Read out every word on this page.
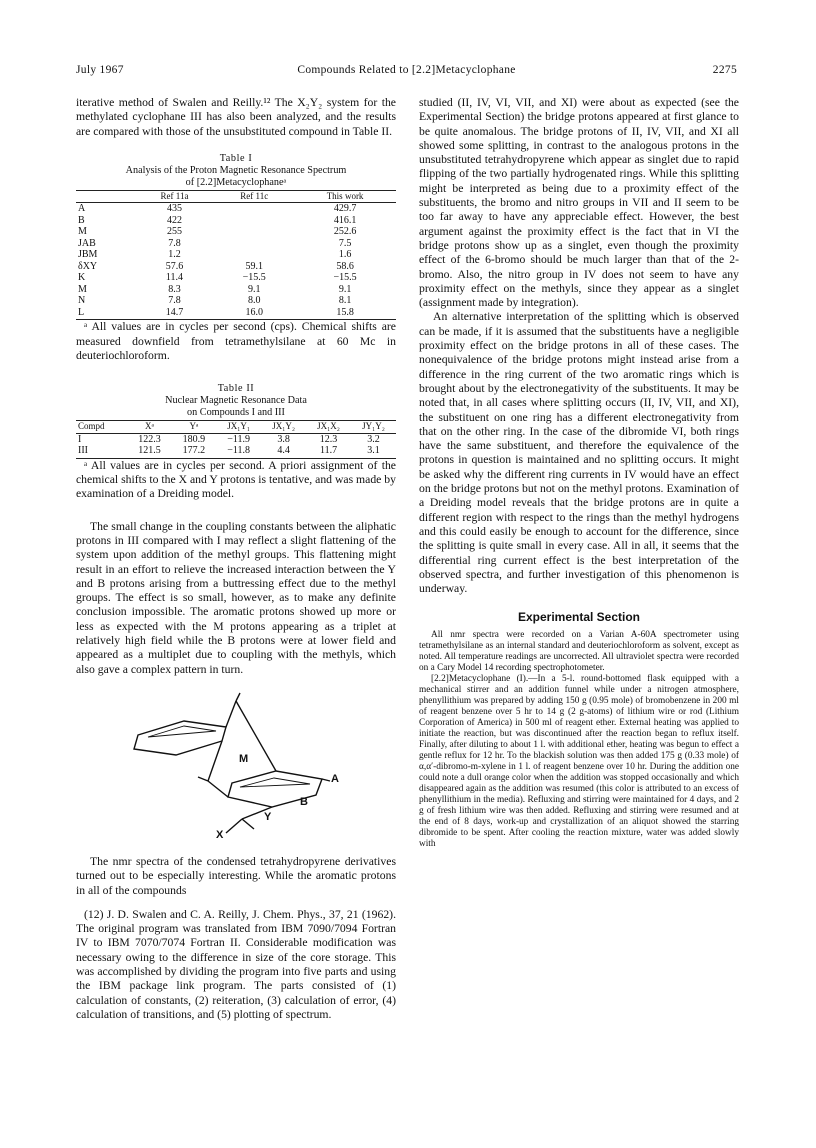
July 1967	Compounds Related to [2.2]Metacyclophane	2275

iterative method of Swalen and Reilly.¹² The X₂Y₂ system for the methylated cyclophane III has also been analyzed, and the results are compared with those of the unsubstituted compound in Table II.

Table I
Analysis of the Proton Magnetic Resonance Spectrum
of [2.2]Metacyclophaneᵃ
	Ref 11a	Ref 11c	This work
A	435		429.7
B	422		416.1
M	255		252.6
JAB	7.8		7.5
JBM	1.2		1.6
δXY	57.6	59.1	58.6
K	11.4	−15.5	−15.5
M	8.3	9.1	9.1
N	7.8	8.0	8.1
L	14.7	16.0	15.8

ᵃ All values are in cycles per second (cps). Chemical shifts are measured downfield from tetramethylsilane at 60 Mc in deuteriochloroform.

Table II
Nuclear Magnetic Resonance Data
on Compounds I and III
Compd	Xᵃ	Yᵃ	JX₁Y₁	JX₁Y₂	JX₁X₂	JY₁Y₂
I	122.3	180.9	−11.9	3.8	12.3	3.2
III	121.5	177.2	−11.8	4.4	11.7	3.1

ᵃ All values are in cycles per second. A priori assignment of the chemical shifts to the X and Y protons is tentative, and was made by examination of a Dreiding model.

The small change in the coupling constants between the aliphatic protons in III compared with I may reflect a slight flattening of the system upon addition of the methyl groups. This flattening might result in an effort to relieve the increased interaction between the Y and B protons arising from a buttressing effect due to the methyl groups. The effect is so small, however, as to make any definite conclusion impossible. The aromatic protons showed up more or less as expected with the M protons appearing as a triplet at relatively high field while the B protons were at lower field and appeared as a multiplet due to coupling with the methyls, which also gave a complex pattern in turn.

M
A
B
Y
X

The nmr spectra of the condensed tetrahydropyrene derivatives turned out to be especially interesting. While the aromatic protons in all of the compounds

(12) J. D. Swalen and C. A. Reilly, J. Chem. Phys., 37, 21 (1962). The original program was translated from IBM 7090/7094 Fortran IV to IBM 7070/7074 Fortran II. Considerable modification was necessary owing to the difference in size of the core storage. This was accomplished by dividing the program into five parts and using the IBM package link program. The parts consisted of (1) calculation of constants, (2) reiteration, (3) calculation of error, (4) calculation of transitions, and (5) plotting of spectrum.

studied (II, IV, VI, VII, and XI) were about as expected (see the Experimental Section) the bridge protons appeared at first glance to be quite anomalous. The bridge protons of II, IV, VII, and XI all showed some splitting, in contrast to the analogous protons in the unsubstituted tetrahydropyrene which appear as singlet due to rapid flipping of the two partially hydrogenated rings. While this splitting might be interpreted as being due to a proximity effect of the substituents, the bromo and nitro groups in VII and II seem to be too far away to have any appreciable effect. However, the best argument against the proximity effect is the fact that in VI the bridge protons show up as a singlet, even though the proximity effect of the 6-bromo should be much larger than that of the 2-bromo. Also, the nitro group in IV does not seem to have any proximity effect on the methyls, since they appear as a singlet (assignment made by integration).

An alternative interpretation of the splitting which is observed can be made, if it is assumed that the substituents have a negligible proximity effect on the bridge protons in all of these cases. The nonequivalence of the bridge protons might instead arise from a difference in the ring current of the two aromatic rings which is brought about by the electronegativity of the substituents. It may be noted that, in all cases where splitting occurs (II, IV, VII, and XI), the substituent on one ring has a different electronegativity from that on the other ring. In the case of the dibromide VI, both rings have the same substituent, and therefore the equivalence of the protons in question is maintained and no splitting occurs. It might be asked why the different ring currents in IV would have an effect on the bridge protons but not on the methyl protons. Examination of a Dreiding model reveals that the bridge protons are in quite a different region with respect to the rings than the methyl hydrogens and this could easily be enough to account for the difference, since the splitting is quite small in every case. All in all, it seems that the differential ring current effect is the best interpretation of the observed spectra, and further investigation of this phenomenon is underway.

Experimental Section

All nmr spectra were recorded on a Varian A-60A spectrometer using tetramethylsilane as an internal standard and deuteriochloroform as solvent, except as noted. All temperature readings are uncorrected. All ultraviolet spectra were recorded on a Cary Model 14 recording spectrophotometer.

[2.2]Metacyclophane (I).—In a 5-l. round-bottomed flask equipped with a mechanical stirrer and an addition funnel while under a nitrogen atmosphere, phenyllithium was prepared by adding 150 g (0.95 mole) of bromobenzene in 200 ml of reagent benzene over 5 hr to 14 g (2 g-atoms) of lithium wire or rod (Lithium Corporation of America) in 500 ml of reagent ether. External heating was applied to initiate the reaction, but was discontinued after the reaction began to reflux itself. Finally, after diluting to about 1 l. with additional ether, heating was begun to effect a gentle reflux for 12 hr. To the blackish solution was then added 175 g (0.33 mole) of α,α′-dibromo-m-xylene in 1 l. of reagent benzene over 10 hr. During the addition one could note a dull orange color when the addition was stopped occasionally and which disappeared again as the addition was resumed (this color is attributed to an excess of phenyllithium in the media). Refluxing and stirring were maintained for 4 days, and 2 g of fresh lithium wire was then added. Refluxing and stirring were resumed and at the end of 8 days, work-up and crystallization of an aliquot showed the starring dibromide to be spent. After cooling the reaction mixture, water was added slowly with
